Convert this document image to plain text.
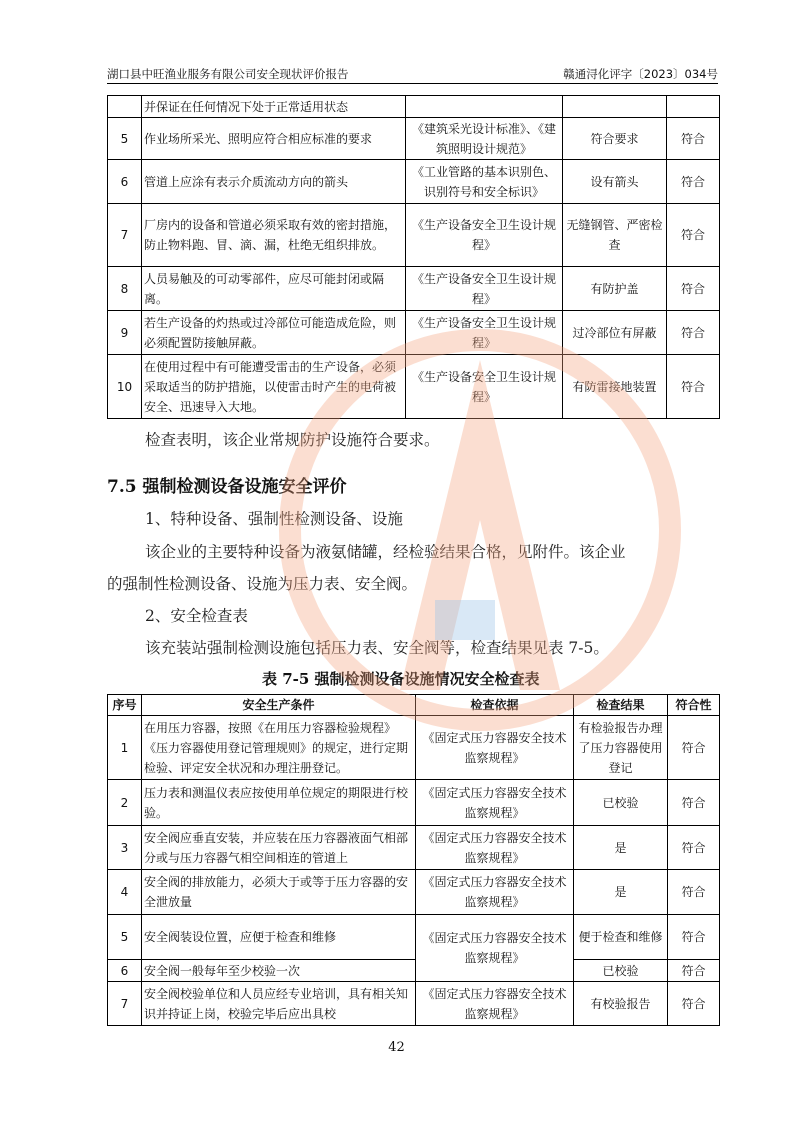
湖口县中旺渔业服务有限公司安全现状评价报告	赣通浔化评字〔2023〕034号
	并保证在任何情况下处于正常适用状态			
5	作业场所采光、照明应符合相应标准的要求	《建筑采光设计标准》、《建筑照明设计规范》	符合要求	符合
6	管道上应涂有表示介质流动方向的箭头	《工业管路的基本识别色、识别符号和安全标识》	设有箭头	符合
7	厂房内的设备和管道必须采取有效的密封措施，防止物料跑、冒、滴、漏，杜绝无组织排放。	《生产设备安全卫生设计规程》	无缝钢管、严密检查	符合
8	人员易触及的可动零部件，应尽可能封闭或隔离。	《生产设备安全卫生设计规程》	有防护盖	符合
9	若生产设备的灼热或过冷部位可能造成危险，则必须配置防接触屏蔽。	《生产设备安全卫生设计规程》	过冷部位有屏蔽	符合
10	在使用过程中有可能遭受雷击的生产设备，必须采取适当的防护措施，以使雷击时产生的电荷被安全、迅速导入大地。	《生产设备安全卫生设计规程》	有防雷接地装置	符合
检查表明，该企业常规防护设施符合要求。
7.5 强制检测设备设施安全评价
1、特种设备、强制性检测设备、设施
该企业的主要特种设备为液氨储罐，经检验结果合格，见附件。该企业
的强制性检测设备、设施为压力表、安全阀。
2、安全检查表
该充装站强制检测设施包括压力表、安全阀等，检查结果见表 7-5。
表 7-5 强制检测设备设施情况安全检查表
序号	安全生产条件	检查依据	检查结果	符合性
1	在用压力容器，按照《在用压力容器检验规程》《压力容器使用登记管理规则》的规定，进行定期检验、评定安全状况和办理注册登记。	《固定式压力容器安全技术监察规程》	有检验报告办理了压力容器使用登记	符合
2	压力表和测温仪表应按使用单位规定的期限进行校验。	《固定式压力容器安全技术监察规程》	已校验	符合
3	安全阀应垂直安装，并应装在压力容器液面气相部分或与压力容器气相空间相连的管道上	《固定式压力容器安全技术监察规程》	是	符合
4	安全阀的排放能力，必须大于或等于压力容器的安全泄放量	《固定式压力容器安全技术监察规程》	是	符合
5	安全阀装设位置，应便于检查和维修	《固定式压力容器安全技术监察规程》	便于检查和维修	符合
6	安全阀一般每年至少校验一次		已校验	符合
7	安全阀校验单位和人员应经专业培训，具有相关知识并持证上岗，校验完毕后应出具校	《固定式压力容器安全技术监察规程》	有校验报告	符合
42
